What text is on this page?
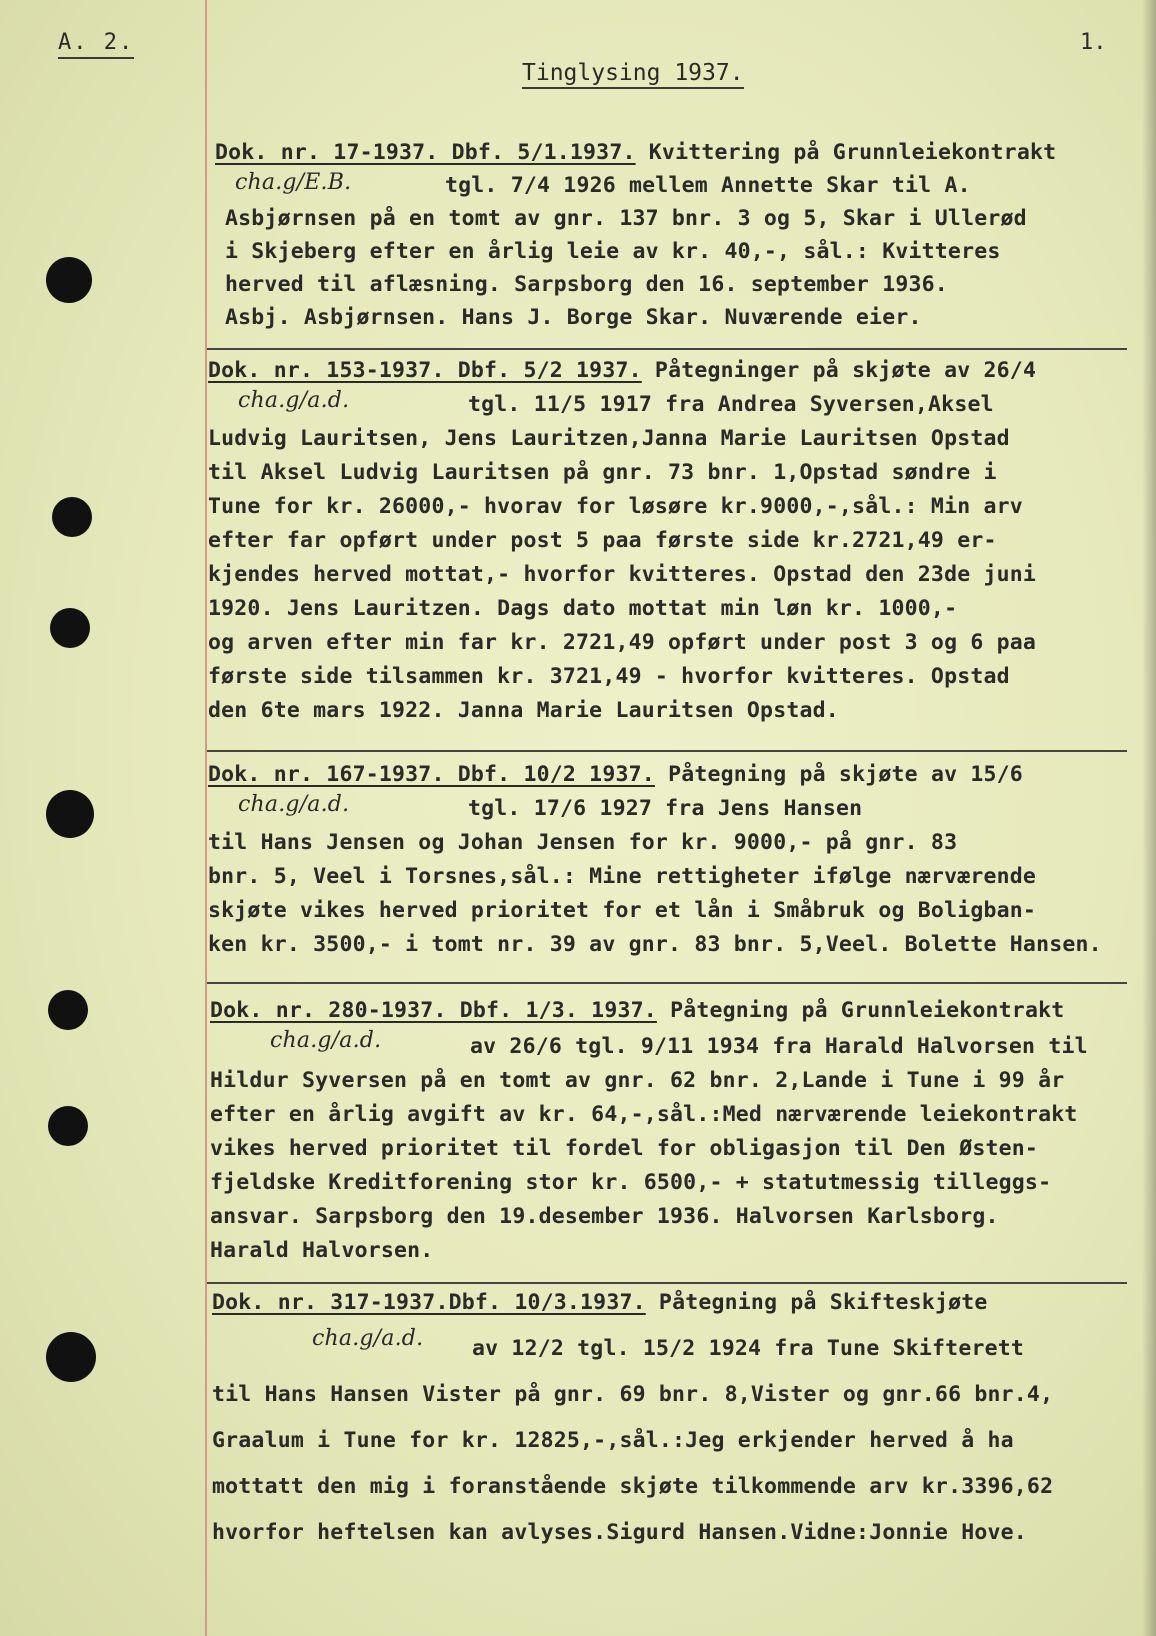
A. 2.	1.
Tinglysing 1937.
Dok. nr. 17-1937. Dbf. 5/1.1937. Kvittering på Grunnleiekontrakt
cha.g/E.B.	tgl. 7/4 1926 mellem Annette Skar til A.
Asbjørnsen på en tomt av gnr. 137 bnr. 3 og 5, Skar i Ullerød
i Skjeberg efter en årlig leie av kr. 40,-, sål.: Kvitteres
herved til aflæsning. Sarpsborg den 16. september 1936.
Asbj. Asbjørnsen. Hans J. Borge Skar. Nuværende eier.
Dok. nr. 153-1937. Dbf. 5/2 1937. Påtegninger på skjøte av 26/4
cha.g/a.d.	tgl. 11/5 1917 fra Andrea Syversen,Aksel
Ludvig Lauritsen, Jens Lauritzen,Janna Marie Lauritsen Opstad
til Aksel Ludvig Lauritsen på gnr. 73 bnr. 1,Opstad søndre i
Tune for kr. 26000,- hvorav for løsøre kr.9000,-,sål.: Min arv
efter far opført under post 5 paa første side kr.2721,49 er-
kjendes herved mottat,- hvorfor kvitteres. Opstad den 23de juni
1920. Jens Lauritzen. Dags dato mottat min løn kr. 1000,-
og arven efter min far kr. 2721,49 opført under post 3 og 6 paa
første side tilsammen kr. 3721,49 - hvorfor kvitteres. Opstad
den 6te mars 1922. Janna Marie Lauritsen Opstad.
Dok. nr. 167-1937. Dbf. 10/2 1937. Påtegning på skjøte av 15/6
cha.g/a.d.	tgl. 17/6 1927 fra Jens Hansen
til Hans Jensen og Johan Jensen for kr. 9000,- på gnr. 83
bnr. 5, Veel i Torsnes,sål.: Mine rettigheter ifølge nærværende
skjøte vikes herved prioritet for et lån i Småbruk og Boligban-
ken kr. 3500,- i tomt nr. 39 av gnr. 83 bnr. 5,Veel. Bolette Hansen.
Dok. nr. 280-1937. Dbf. 1/3. 1937. Påtegning på Grunnleiekontrakt
cha.g/a.d.	av 26/6 tgl. 9/11 1934 fra Harald Halvorsen til
Hildur Syversen på en tomt av gnr. 62 bnr. 2,Lande i Tune i 99 år
efter en årlig avgift av kr. 64,-,sål.:Med nærværende leiekontrakt
vikes herved prioritet til fordel for obligasjon til Den Østen-
fjeldske Kreditforening stor kr. 6500,- + statutmessig tilleggs-
ansvar. Sarpsborg den 19.desember 1936. Halvorsen Karlsborg.
Harald Halvorsen.
Dok. nr. 317-1937.Dbf. 10/3.1937. Påtegning på Skifteskjøte
cha.g/a.d. av 12/2 tgl. 15/2 1924 fra Tune Skifterett
til Hans Hansen Vister på gnr. 69 bnr. 8,Vister og gnr.66 bnr.4,
Graalum i Tune for kr. 12825,-,sål.:Jeg erkjender herved å ha
mottatt den mig i foranstående skjøte tilkommende arv kr.3396,62
hvorfor heftelsen kan avlyses.Sigurd Hansen.Vidne:Jonnie Hove.
